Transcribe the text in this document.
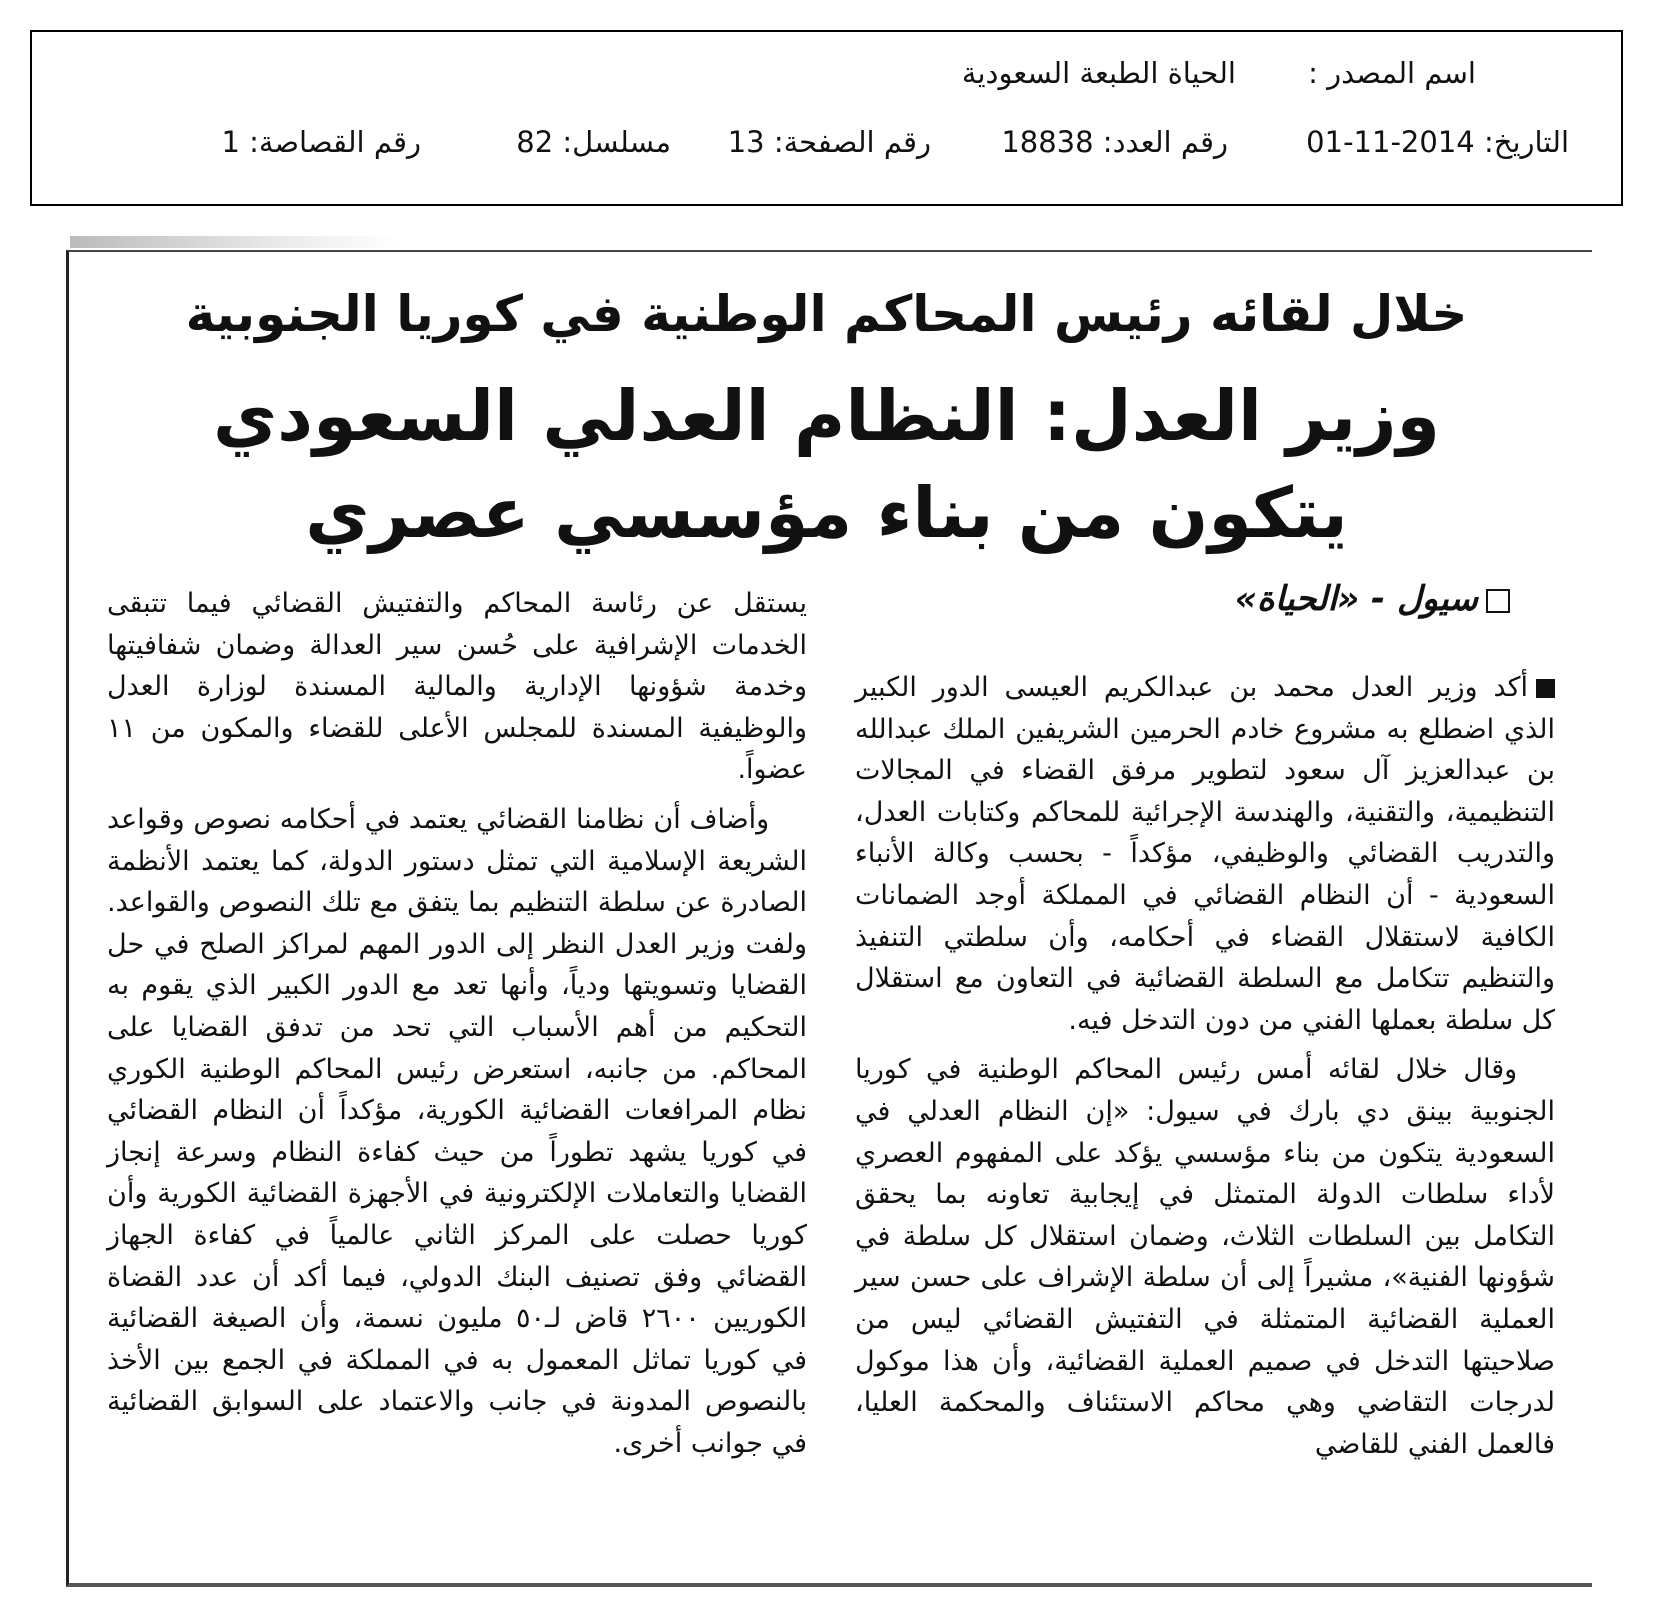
اسم المصدر :
الحياة الطبعة السعودية
التاريخ: 2014-11-01
رقم العدد: 18838
رقم الصفحة: 13
مسلسل: 82
رقم القصاصة: 1
خلال لقائه رئيس المحاكم الوطنية في كوريا الجنوبية
وزير العدل: النظام العدلي السعودي
يتكون من بناء مؤسسي عصري
سيول - «الحياة»

أكد وزير العدل محمد بن عبدالكريم العيسى الدور الكبير الذي اضطلع به مشروع خادم الحرمين الشريفين الملك عبدالله بن عبدالعزيز آل سعود لتطوير مرفق القضاء في المجالات التنظيمية، والتقنية، والهندسة الإجرائية للمحاكم وكتابات العدل، والتدريب القضائي والوظيفي، مؤكداً - بحسب وكالة الأنباء السعودية - أن النظام القضائي في المملكة أوجد الضمانات الكافية لاستقلال القضاء في أحكامه، وأن سلطتي التنفيذ والتنظيم تتكامل مع السلطة القضائية في التعاون مع استقلال كل سلطة بعملها الفني من دون التدخل فيه.

وقال خلال لقائه أمس رئيس المحاكم الوطنية في كوريا الجنوبية بينق دي بارك في سيول: «إن النظام العدلي في السعودية يتكون من بناء مؤسسي يؤكد على المفهوم العصري لأداء سلطات الدولة المتمثل في إيجابية تعاونه بما يحقق التكامل بين السلطات الثلاث، وضمان استقلال كل سلطة في شؤونها الفنية»، مشيراً إلى أن سلطة الإشراف على حسن سير العملية القضائية المتمثلة في التفتيش القضائي ليس من صلاحيتها التدخل في صميم العملية القضائية، وأن هذا موكول لدرجات التقاضي وهي محاكم الاستئناف والمحكمة العليا، فالعمل الفني للقاضي

يستقل عن رئاسة المحاكم والتفتيش القضائي فيما تتبقى الخدمات الإشرافية على حُسن سير العدالة وضمان شفافيتها وخدمة شؤونها الإدارية والمالية المسندة لوزارة العدل والوظيفية المسندة للمجلس الأعلى للقضاء والمكون من ١١ عضواً.

وأضاف أن نظامنا القضائي يعتمد في أحكامه نصوص وقواعد الشريعة الإسلامية التي تمثل دستور الدولة، كما يعتمد الأنظمة الصادرة عن سلطة التنظيم بما يتفق مع تلك النصوص والقواعد. ولفت وزير العدل النظر إلى الدور المهم لمراكز الصلح في حل القضايا وتسويتها ودياً، وأنها تعد مع الدور الكبير الذي يقوم به التحكيم من أهم الأسباب التي تحد من تدفق القضايا على المحاكم. من جانبه، استعرض رئيس المحاكم الوطنية الكوري نظام المرافعات القضائية الكورية، مؤكداً أن النظام القضائي في كوريا يشهد تطوراً من حيث كفاءة النظام وسرعة إنجاز القضايا والتعاملات الإلكترونية في الأجهزة القضائية الكورية وأن كوريا حصلت على المركز الثاني عالمياً في كفاءة الجهاز القضائي وفق تصنيف البنك الدولي، فيما أكد أن عدد القضاة الكوريين ٢٦٠٠ قاض لـ٥٠ مليون نسمة، وأن الصيغة القضائية في كوريا تماثل المعمول به في المملكة في الجمع بين الأخذ بالنصوص المدونة في جانب والاعتماد على السوابق القضائية في جوانب أخرى.
